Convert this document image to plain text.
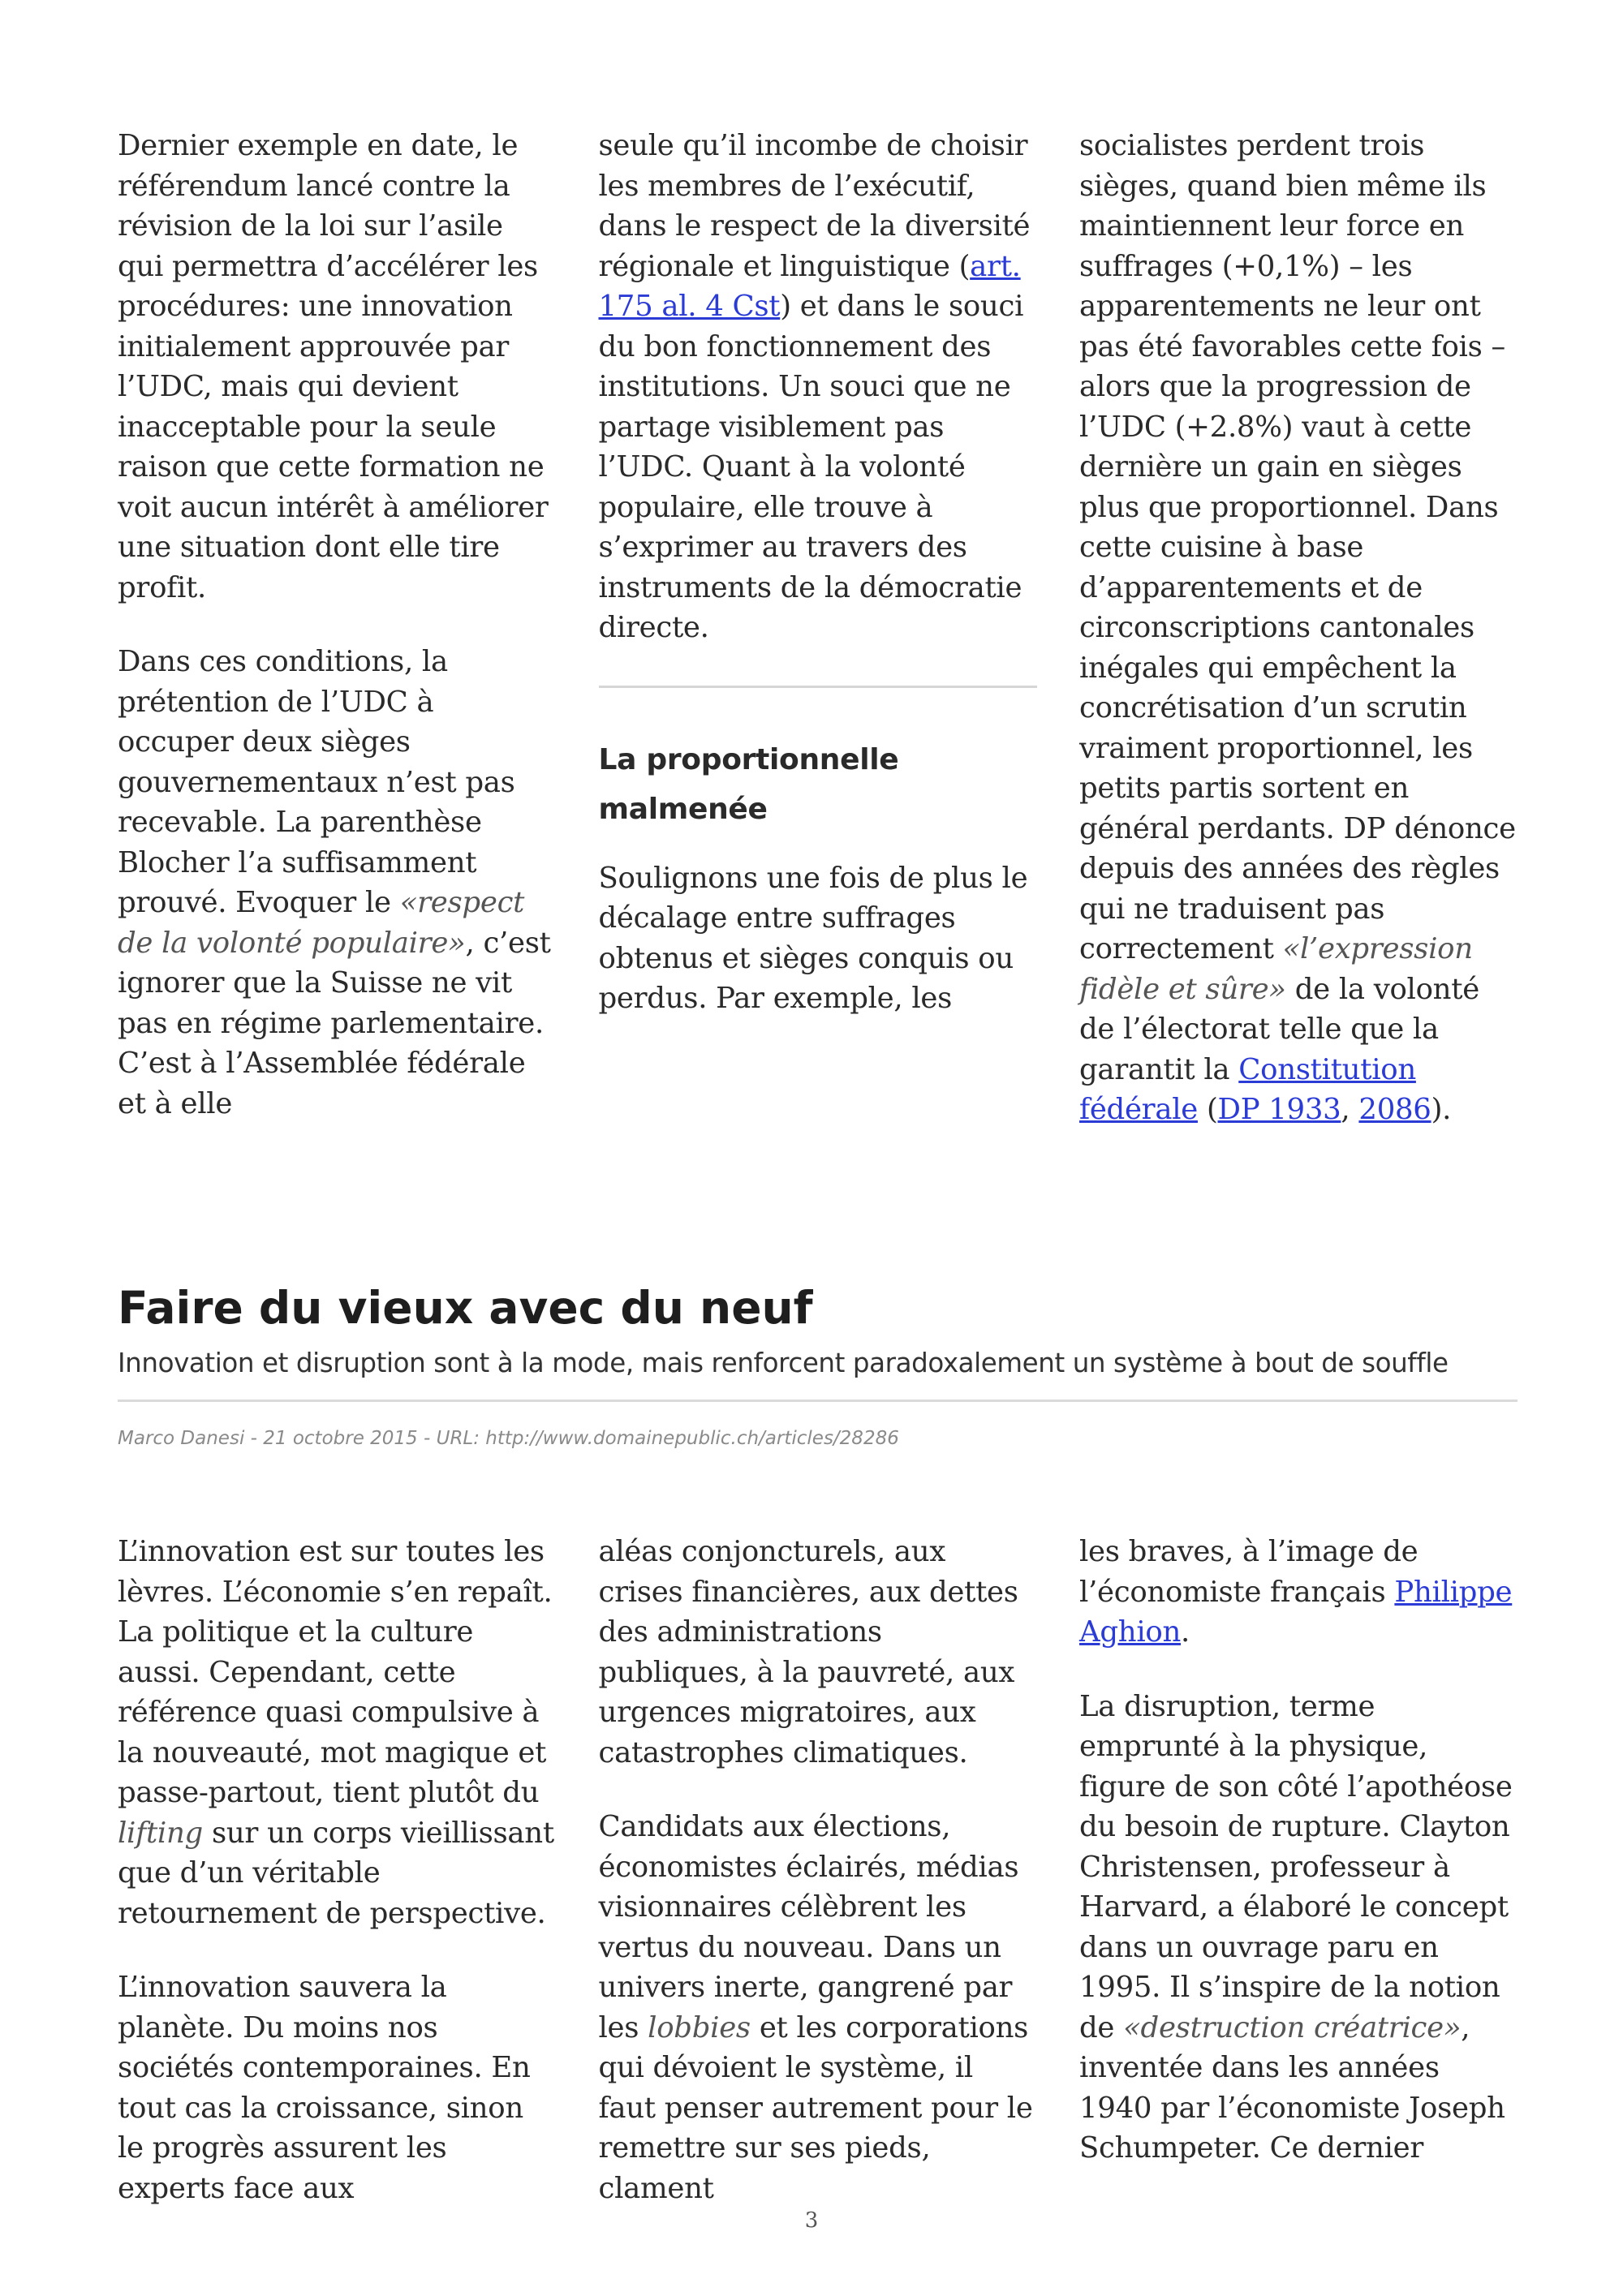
Dernier exemple en date, le référendum lancé contre la révision de la loi sur l’asile qui permettra d’accélérer les procédures: une innovation initialement approuvée par l’UDC, mais qui devient inacceptable pour la seule raison que cette formation ne voit aucun intérêt à améliorer une situation dont elle tire profit.

Dans ces conditions, la prétention de l’UDC à occuper deux sièges gouvernementaux n’est pas recevable. La parenthèse Blocher l’a suffisamment prouvé. Evoquer le «respect de la volonté populaire», c’est ignorer que la Suisse ne vit pas en régime parlementaire. C’est à l’Assemblée fédérale et à elle

seule qu’il incombe de choisir les membres de l’exécutif, dans le respect de la diversité régionale et linguistique (art. 175 al. 4 Cst) et dans le souci du bon fonctionnement des institutions. Un souci que ne partage visiblement pas l’UDC. Quant à la volonté populaire, elle trouve à s’exprimer au travers des instruments de la démocratie directe.

La proportionnelle malmenée

Soulignons une fois de plus le décalage entre suffrages obtenus et sièges conquis ou perdus. Par exemple, les

socialistes perdent trois sièges, quand bien même ils maintiennent leur force en suffrages (+0,1%) – les apparentements ne leur ont pas été favorables cette fois – alors que la progression de l’UDC (+2.8%) vaut à cette dernière un gain en sièges plus que proportionnel. Dans cette cuisine à base d’apparentements et de circonscriptions cantonales inégales qui empêchent la concrétisation d’un scrutin vraiment proportionnel, les petits partis sortent en général perdants. DP dénonce depuis des années des règles qui ne traduisent pas correctement «l’expression fidèle et sûre» de la volonté de l’électorat telle que la garantit la Constitution fédérale (DP 1933, 2086).

Faire du vieux avec du neuf

Innovation et disruption sont à la mode, mais renforcent paradoxalement un système à bout de souffle

Marco Danesi - 21 octobre 2015 - URL: http://www.domainepublic.ch/articles/28286

L’innovation est sur toutes les lèvres. L’économie s’en repaît. La politique et la culture aussi. Cependant, cette référence quasi compulsive à la nouveauté, mot magique et passe-partout, tient plutôt du lifting sur un corps vieillissant que d’un véritable retournement de perspective.

L’innovation sauvera la planète. Du moins nos sociétés contemporaines. En tout cas la croissance, sinon le progrès assurent les experts face aux

aléas conjoncturels, aux crises financières, aux dettes des administrations publiques, à la pauvreté, aux urgences migratoires, aux catastrophes climatiques.

Candidats aux élections, économistes éclairés, médias visionnaires célèbrent les vertus du nouveau. Dans un univers inerte, gangrené par les lobbies et les corporations qui dévoient le système, il faut penser autrement pour le remettre sur ses pieds, clament

les braves, à l’image de l’économiste français Philippe Aghion.

La disruption, terme emprunté à la physique, figure de son côté l’apothéose du besoin de rupture. Clayton Christensen, professeur à Harvard, a élaboré le concept dans un ouvrage paru en 1995. Il s’inspire de la notion de «destruction créatrice», inventée dans les années 1940 par l’économiste Joseph Schumpeter. Ce dernier

3
